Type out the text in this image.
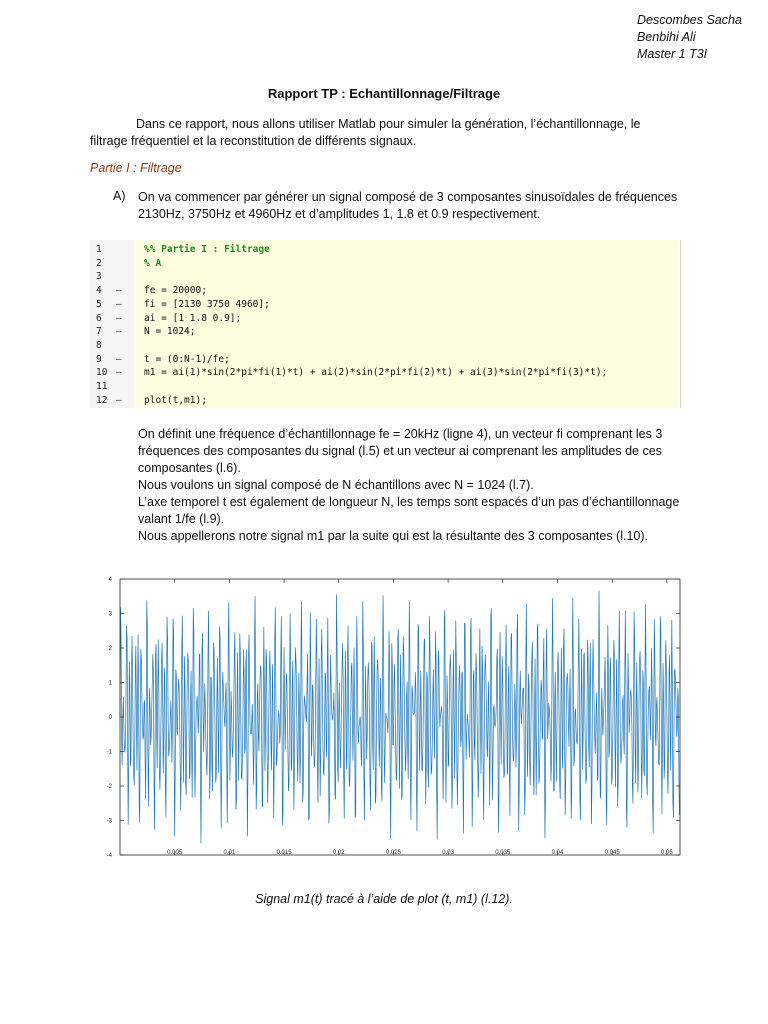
Descombes Sacha
Benbihi Ali
Master 1 T3I
Rapport TP : Echantillonnage/Filtrage
Dans ce rapport, nous allons utiliser Matlab pour simuler la génération, l’échantillonnage, le filtrage fréquentiel et la reconstitution de différents signaux.
Partie I : Filtrage
A) On va commencer par générer un signal composé de 3 composantes sinusoïdales de fréquences 2130Hz, 3750Hz et 4960Hz et d’amplitudes 1, 1.8 et 0.9 respectivement.
1	%% Partie I : Filtrage
2	% A
3
4	– fe = 20000;
5	– fi = [2130 3750 4960];
6	– ai = [1 1.8 0.9];
7	– N = 1024;
8
9	– t = (0:N-1)/fe;
10 – m1 = ai(1)*sin(2*pi*fi(1)*t) + ai(2)*sin(2*pi*fi(2)*t) + ai(3)*sin(2*pi*fi(3)*t);
11
12 – plot(t,m1);

On définit une fréquence d’échantillonnage fe = 20kHz (ligne 4), un vecteur fi comprenant les 3 fréquences des composantes du signal (l.5) et un vecteur ai comprenant les amplitudes de ces composantes (l.6).

Nous voulons un signal composé de N échantillons avec N = 1024 (l.7).

L’axe temporel t est également de longueur N, les temps sont espacés d’un pas d’échantillonnage valant 1/fe (l.9).

Nous appellerons notre signal m1 par la suite qui est la résultante des 3 composantes (l.10).

4
3
2
1
0
-1
-2
-3
-4	0.005	0.01	0.015	0.02	0.025	0.03	0.035	0.04	0.045	0.05
Signal m1(t) tracé à l’aide de plot (t, m1) (l.12).
